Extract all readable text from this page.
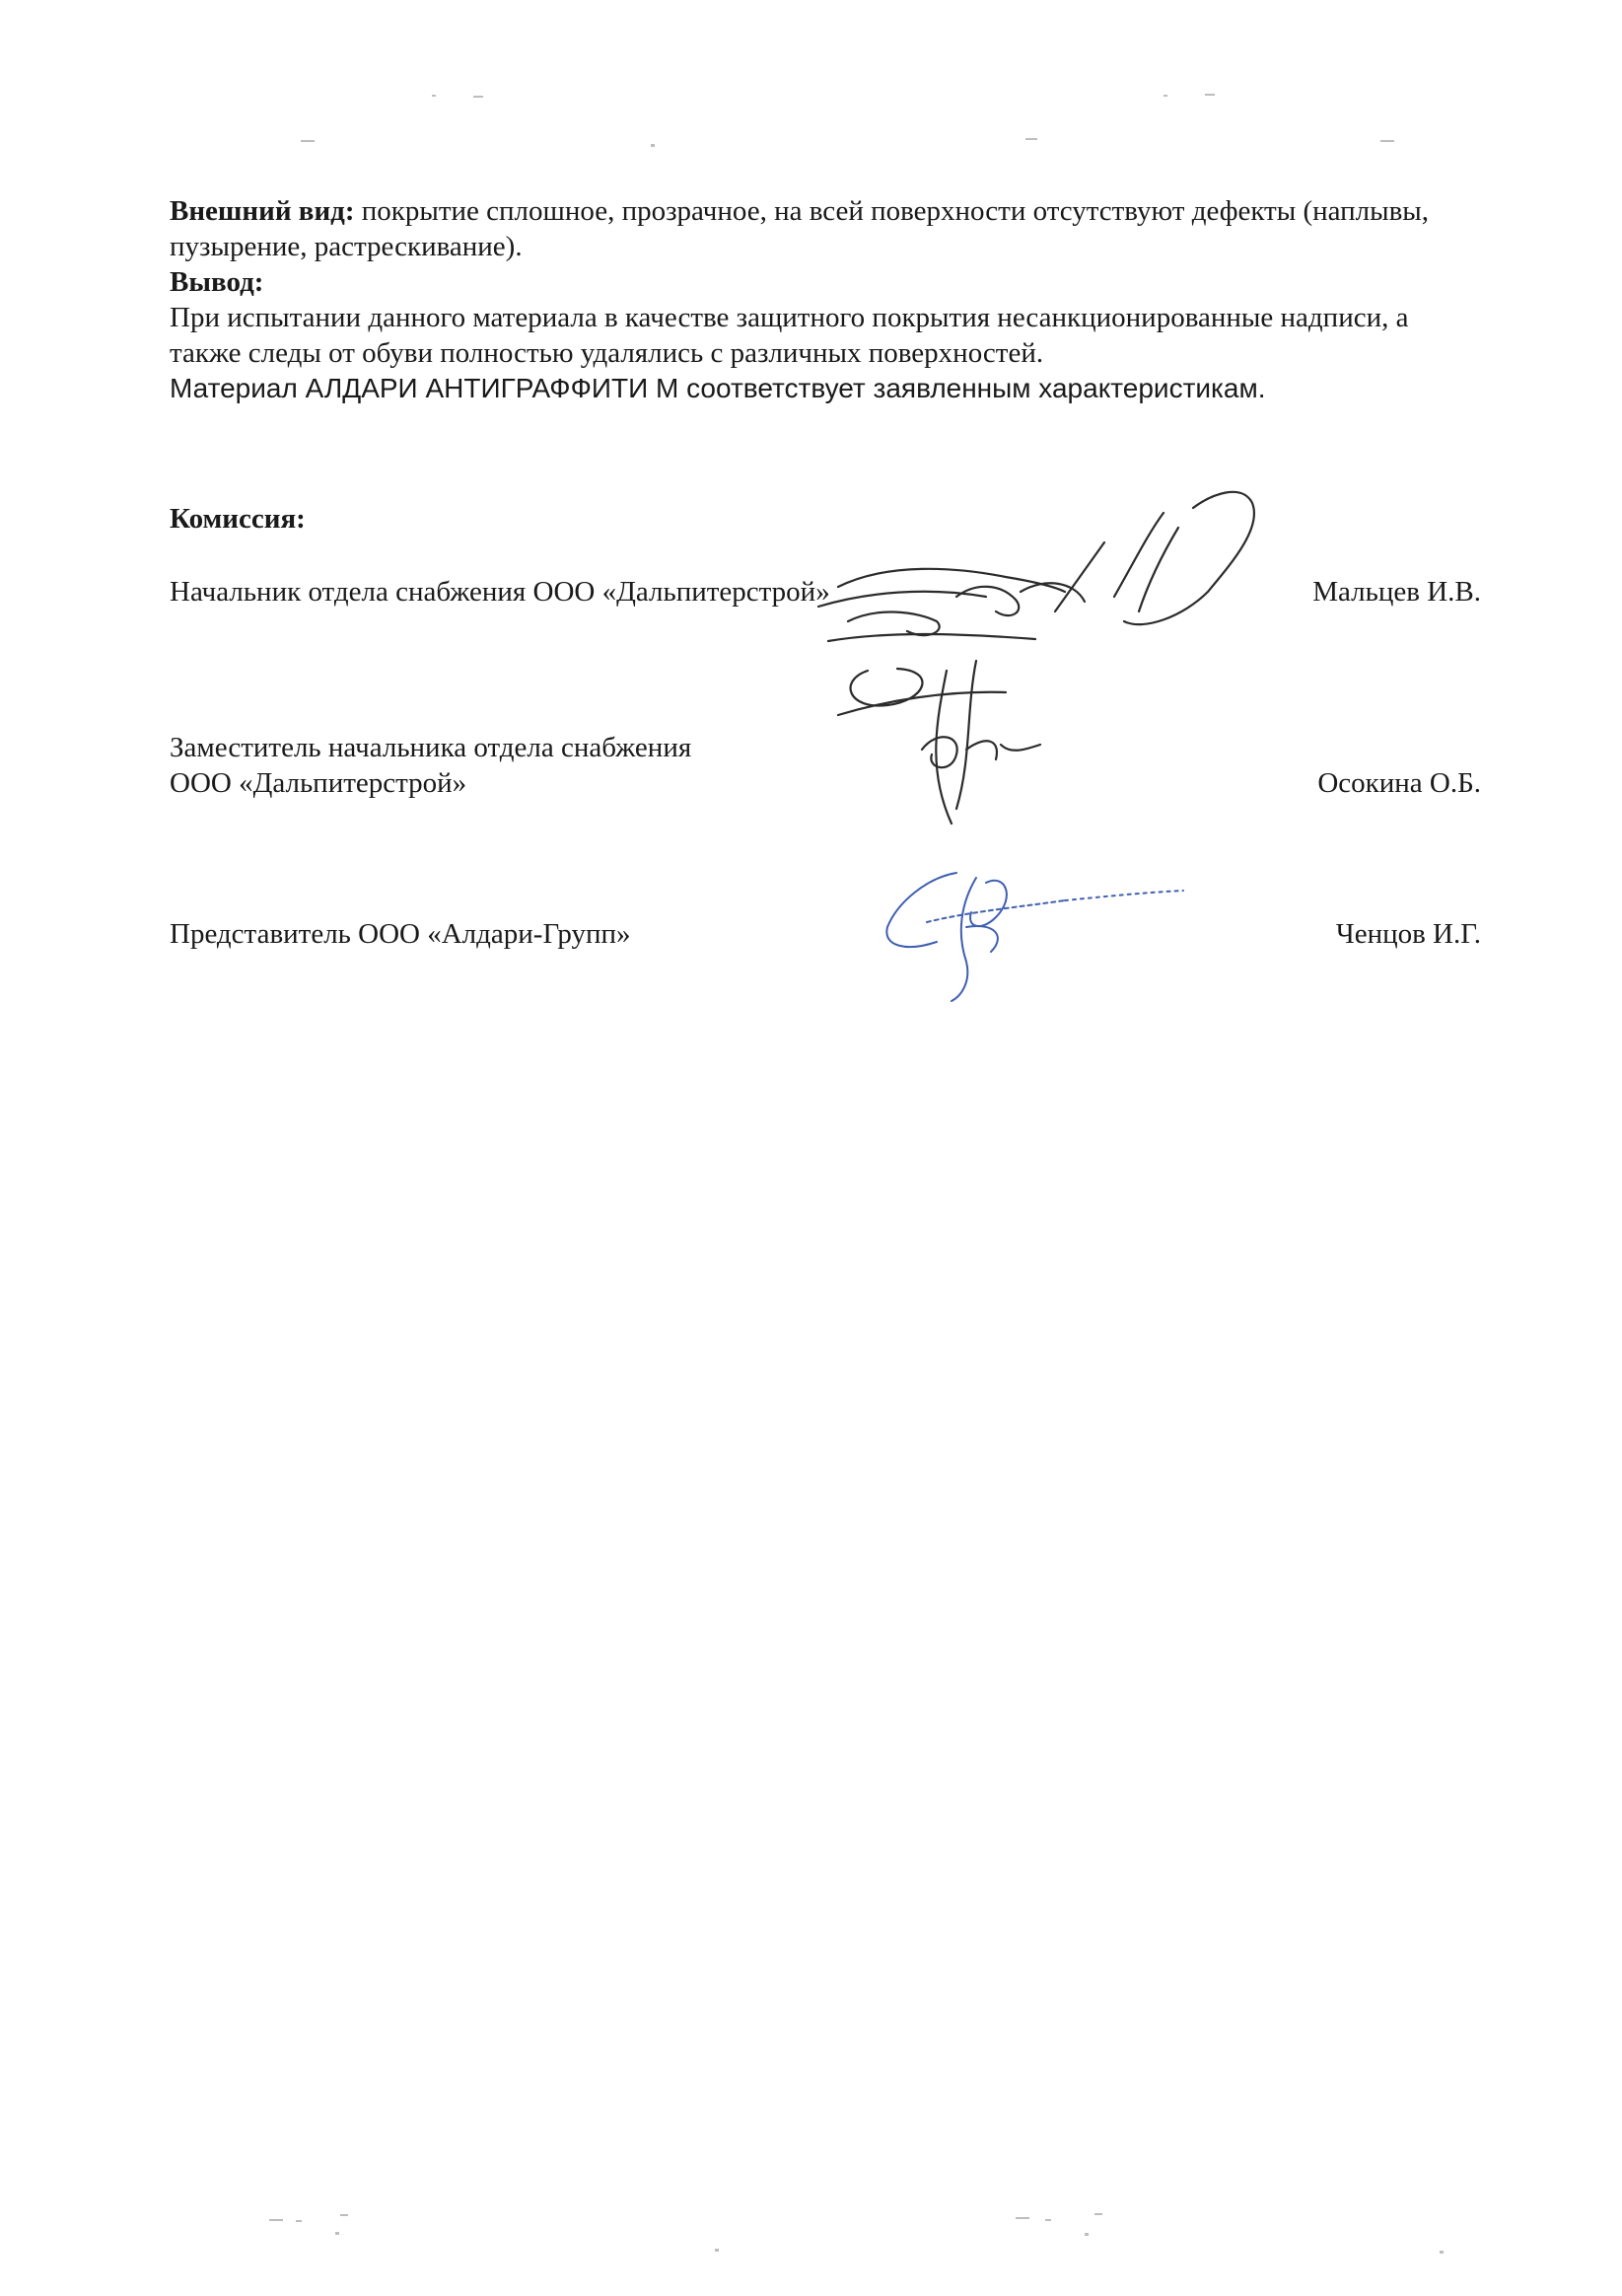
Внешний вид: покрытие сплошное, прозрачное, на всей поверхности отсутствуют дефекты (наплывы, пузырение, растрескивание).

Вывод:

При испытании данного материала в качестве защитного покрытия несанкционированные надписи, а также следы от обуви полностью удалялись с различных поверхностей.

Материал АЛДАРИ АНТИГРАФФИТИ М соответствует заявленным характеристикам.

Комиссия:
Начальник отдела снабжения ООО «Дальпитерстрой»	Мальцев И.В.
Заместитель начальника отдела снабжения
ООО «Дальпитерстрой»	Осокина О.Б.
Представитель ООО «Алдари-Групп»	Ченцов И.Г.
